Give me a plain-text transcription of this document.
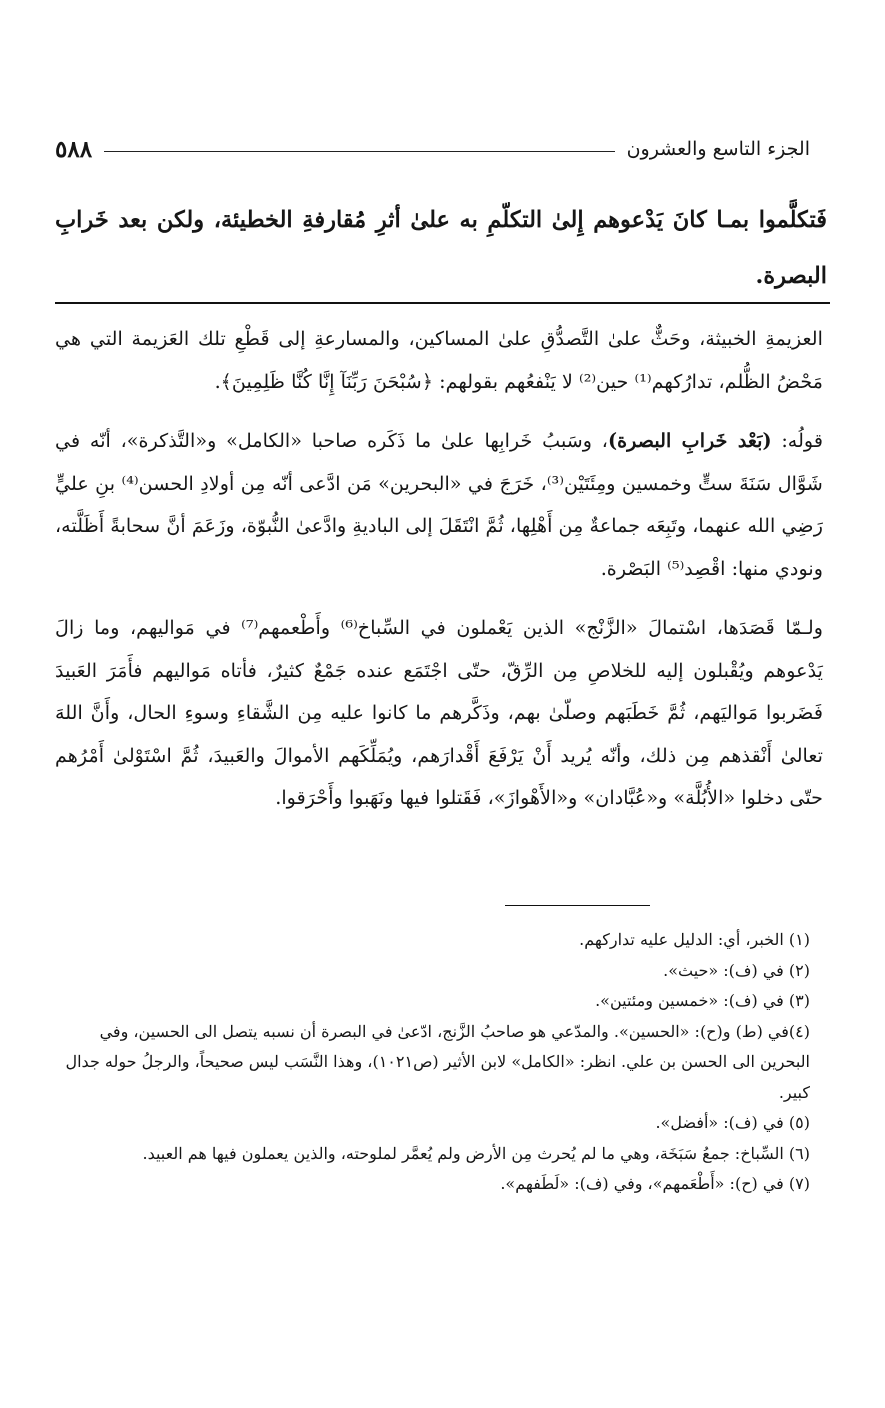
٥٨٨	الجزء التاسع والعشرون
فَتكلَّموا بمـا كانَ يَدْعوهم إِلىٰ التكلّمِ به علىٰ أثرِ مُقارفةِ الخطيئة، ولكن بعد خَرابِ البصرة.

العزيمةِ الخبيثة، وحَثٌّ علىٰ التَّصدُّقِ علىٰ المساكين، والمسارعةِ إلى قَطْعِ تلك العَزيمة التي هي مَحْضُ الظُّلم، تدارُكهم⁽¹⁾ حين⁽²⁾ لا يَنْفعُهم بقولهم: ﴿سُبْحَنَ رَبِّنَآ إِنَّا كُنَّا ظَلِمِينَ﴾.

قولُه: (بَعْد خَرابِ البصرة)، وسَببُ خَرابِها علىٰ ما ذَكَره صاحبا «الكامل» و«التَّذكرة»، أنّه في شَوَّال سَنَةَ ستٍّ وخمسين ومِئَتَيْن⁽³⁾، خَرَجَ في «البحرين» مَن ادَّعى أنّه مِن أولادِ الحسن⁽⁴⁾ بنِ عليٍّ رَضِي الله عنهما، وتَبِعَه جماعةٌ مِن أَهْلِها، ثُمَّ انْتَقَلَ إلى الباديةِ وادَّعىٰ النُّبوّة، وزَعَمَ أنَّ سحابةً أَظَلَّته، ونودي منها: اقْصِد⁽⁵⁾ البَصْرة.

ولـمّا قَصَدَها، اسْتمالَ «الزَّنْج» الذين يَعْملون في السِّباخ⁽⁶⁾ وأَطْعمهم⁽⁷⁾ في مَواليهم، وما زالَ يَدْعوهم ويُقْبلون إليه للخلاصِ مِن الرِّقّ، حتّى اجْتَمَع عنده جَمْعٌ كثيرٌ، فأتاه مَواليهم فأَمَرَ العَبيدَ فَضَربوا مَواليَهم، ثُمَّ خَطَبَهم وصلّىٰ بهم، وذَكَّرهم ما كانوا عليه مِن الشَّقاءِ وسوءِ الحال، وأَنَّ اللهَ تعالىٰ أَنْقذهم مِن ذلك، وأنّه يُريد أَنْ يَرْفَعَ أَقْدارَهم، ويُمَلِّكَهم الأموالَ والعَبيدَ، ثُمَّ اسْتَوْلىٰ أَمْرُهم حتّى دخلوا «الأُبُلَّة» و«عُبَّادان» و«الأَهْوازَ»، فَقَتلوا فيها ونَهَبوا وأَحْرَقوا.

(١) الخبر، أي: الدليل عليه تداركهم.

(٢) في (ف): «حيث».

(٣) في (ف): «خمسين ومئتين».

(٤)في (ط) و(ح): «الحسين». والمدّعي هو صاحبُ الزَّنج، ادّعىٰ في البصرة أن نسبه يتصل الى الحسين، وفي البحرين الى الحسن بن علي. انظر: «الكامل» لابن الأثير (ص١٠٢١)، وهذا النَّسَب ليس صحيحاً، والرجلُ حوله جدال كبير.

(٥) في (ف): «أفضل».

(٦) السِّباخ: جمعُ سَبَخَة، وهي ما لم يُحرث مِن الأرض ولم يُعمَّر لملوحته، والذين يعملون فيها هم العبيد.

(٧) في (ح): «أَطْعَمهم»، وفي (ف): «لَطَفهم».
